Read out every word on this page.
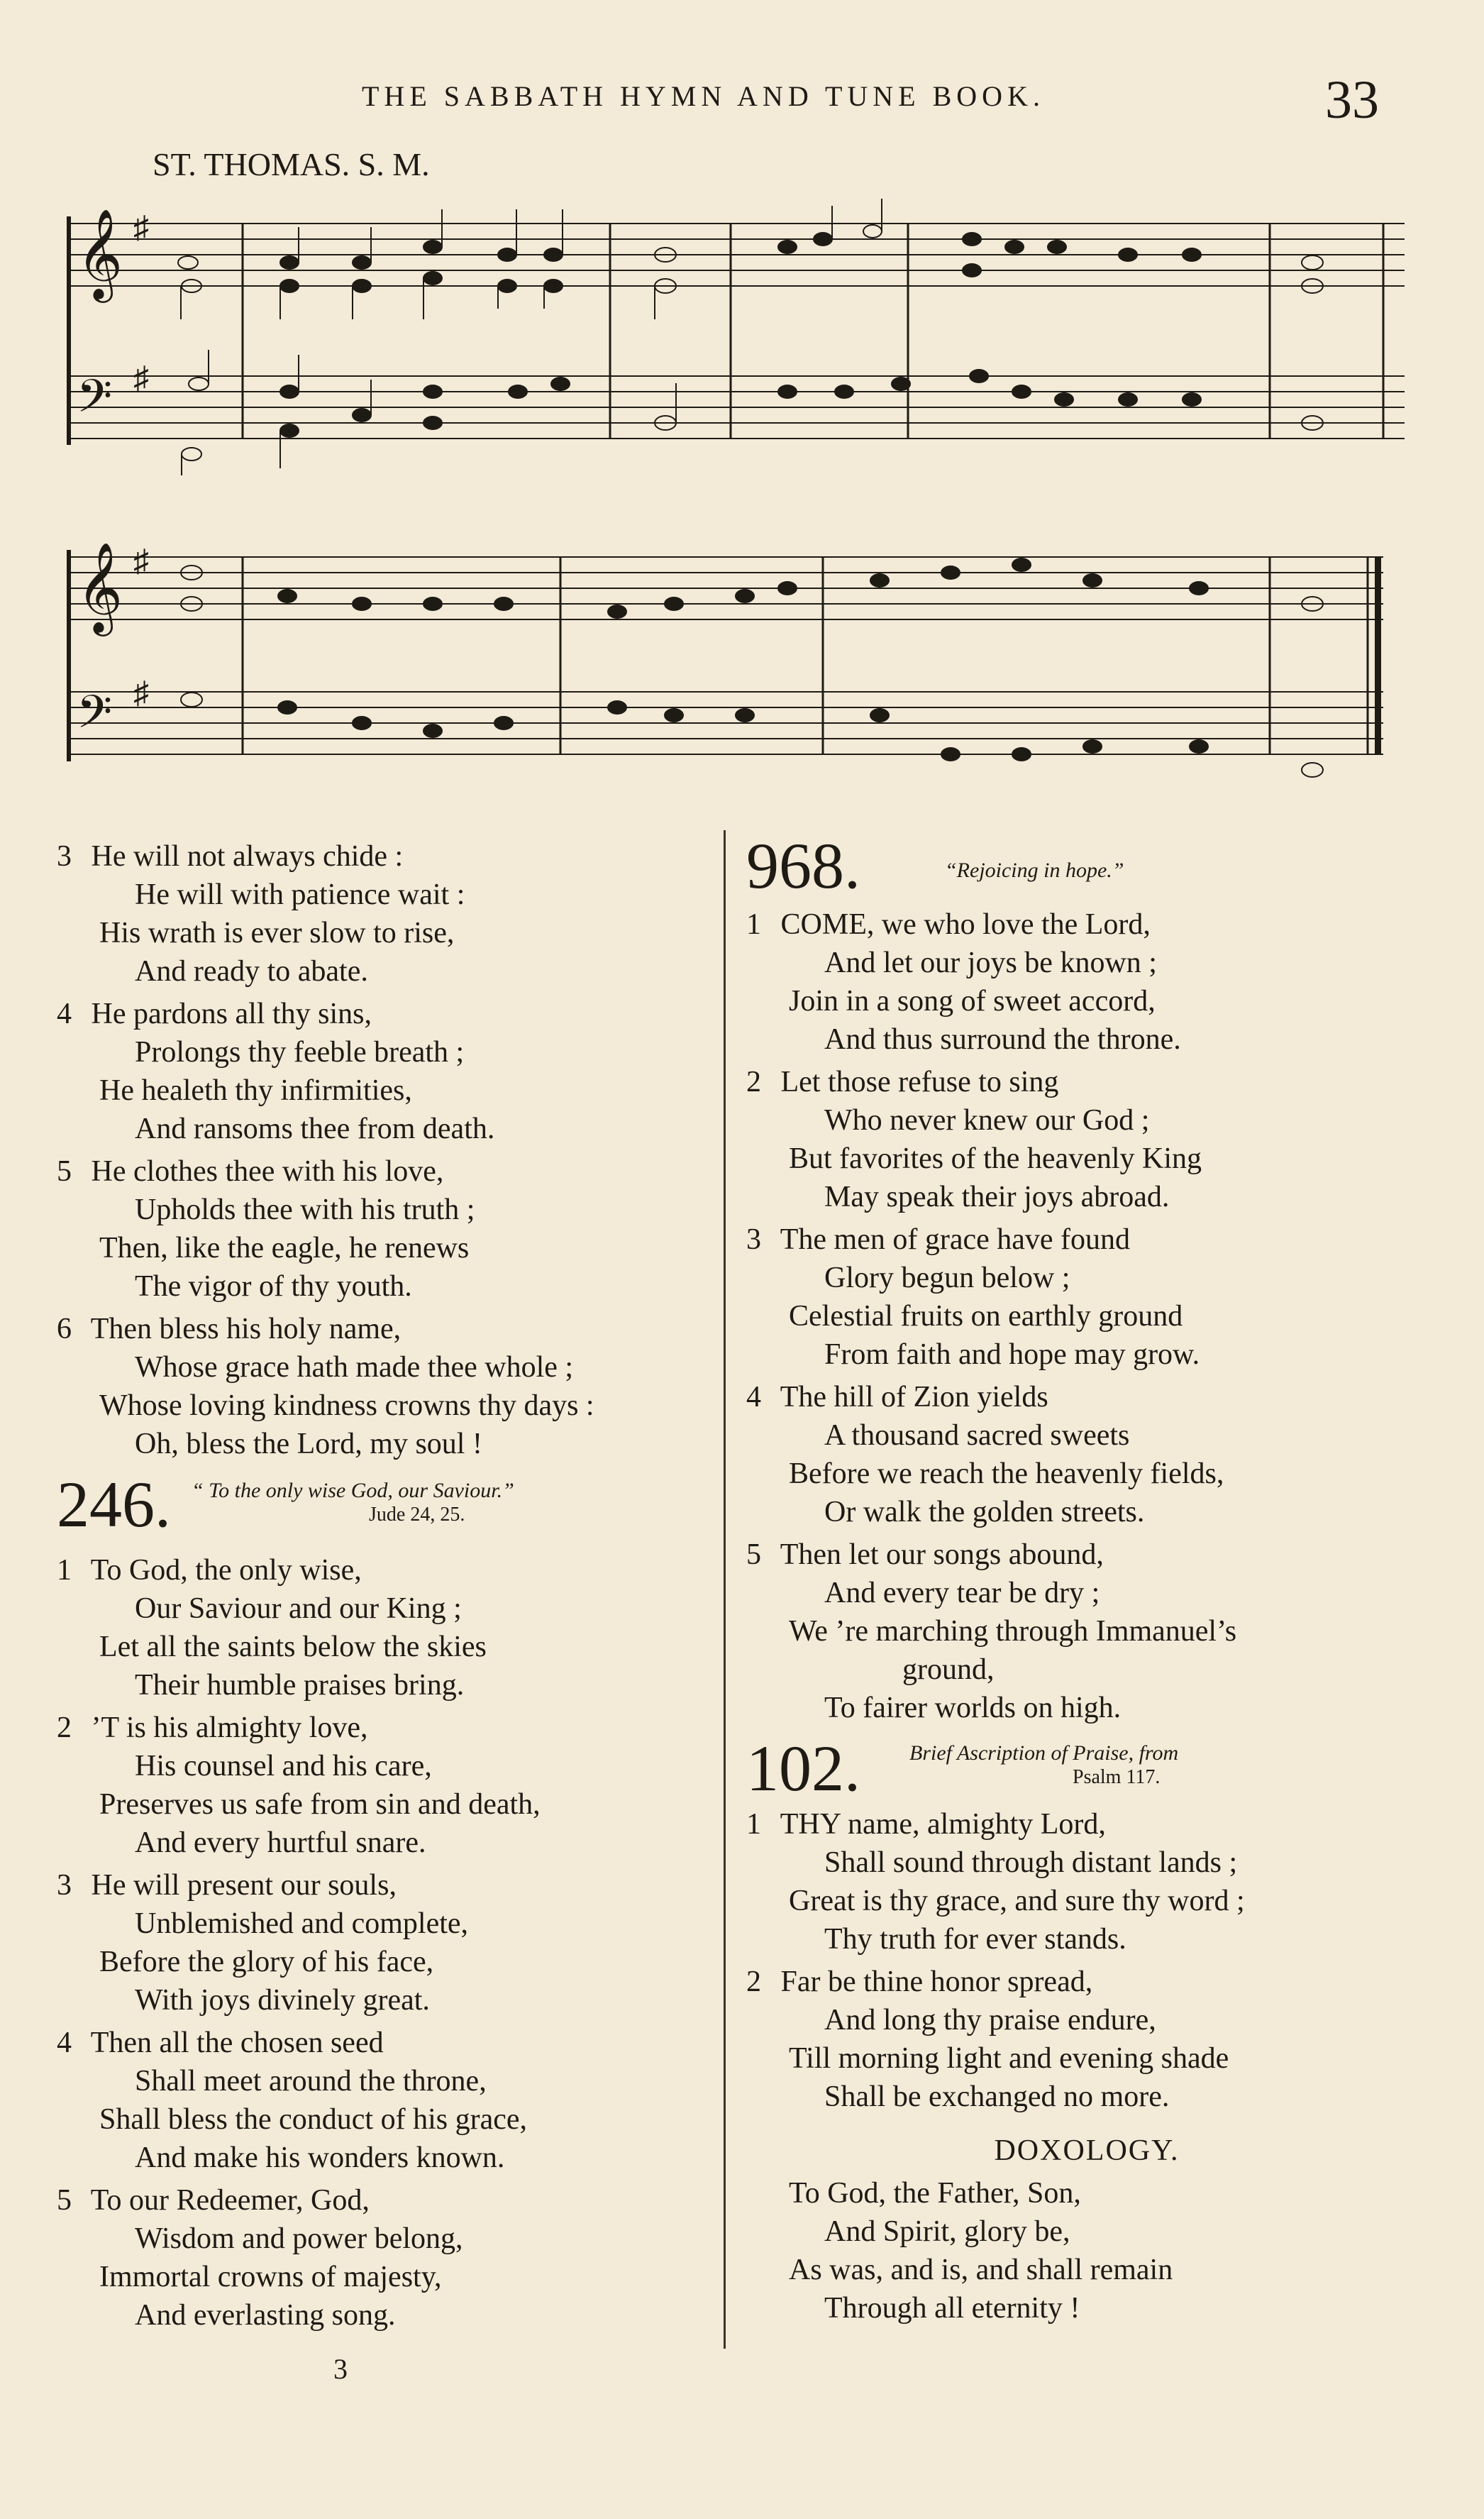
THE SABBATH HYMN AND TUNE BOOK.	33
ST. THOMAS. S. M.
𝄞
𝄢
♯
♯
𝄞
𝄢
♯
♯
3 He will not always chide :
He will with patience wait :
His wrath is ever slow to rise,
And ready to abate.
4 He pardons all thy sins,
Prolongs thy feeble breath ;
He healeth thy infirmities,
And ransoms thee from death.
5 He clothes thee with his love,
Upholds thee with his truth ;
Then, like the eagle, he renews
The vigor of thy youth.
6 Then bless his holy name,
Whose grace hath made thee whole ;
Whose loving kindness crowns thy days :
Oh, bless the Lord, my soul !
246. “ To the only wise God, our Saviour.”
Jude 24, 25.
1 To God, the only wise,
Our Saviour and our King ;
Let all the saints below the skies
Their humble praises bring.
2 ’T is his almighty love,
His counsel and his care,
Preserves us safe from sin and death,
And every hurtful snare.
3 He will present our souls,
Unblemished and complete,
Before the glory of his face,
With joys divinely great.
4 Then all the chosen seed
Shall meet around the throne,
Shall bless the conduct of his grace,
And make his wonders known.
5 To our Redeemer, God,
Wisdom and power belong,
Immortal crowns of majesty,
And everlasting song.
968.	“Rejoicing in hope.”
1 COME, we who love the Lord,
And let our joys be known ;
Join in a song of sweet accord,
And thus surround the throne.
2 Let those refuse to sing
Who never knew our God ;
But favorites of the heavenly King
May speak their joys abroad.
3 The men of grace have found
Glory begun below ;
Celestial fruits on earthly ground
From faith and hope may grow.
4 The hill of Zion yields
A thousand sacred sweets
Before we reach the heavenly fields,
Or walk the golden streets.
5 Then let our songs abound,
And every tear be dry ;
We ’re marching through Immanuel’s
ground,
To fairer worlds on high.
102. Brief Ascription of Praise, from
Psalm 117.
1 THY name, almighty Lord,
Shall sound through distant lands ;
Great is thy grace, and sure thy word ;
Thy truth for ever stands.
2 Far be thine honor spread,
And long thy praise endure,
Till morning light and evening shade
Shall be exchanged no more.
DOXOLOGY.
To God, the Father, Son,
And Spirit, glory be,
As was, and is, and shall remain
Through all eternity !
3
